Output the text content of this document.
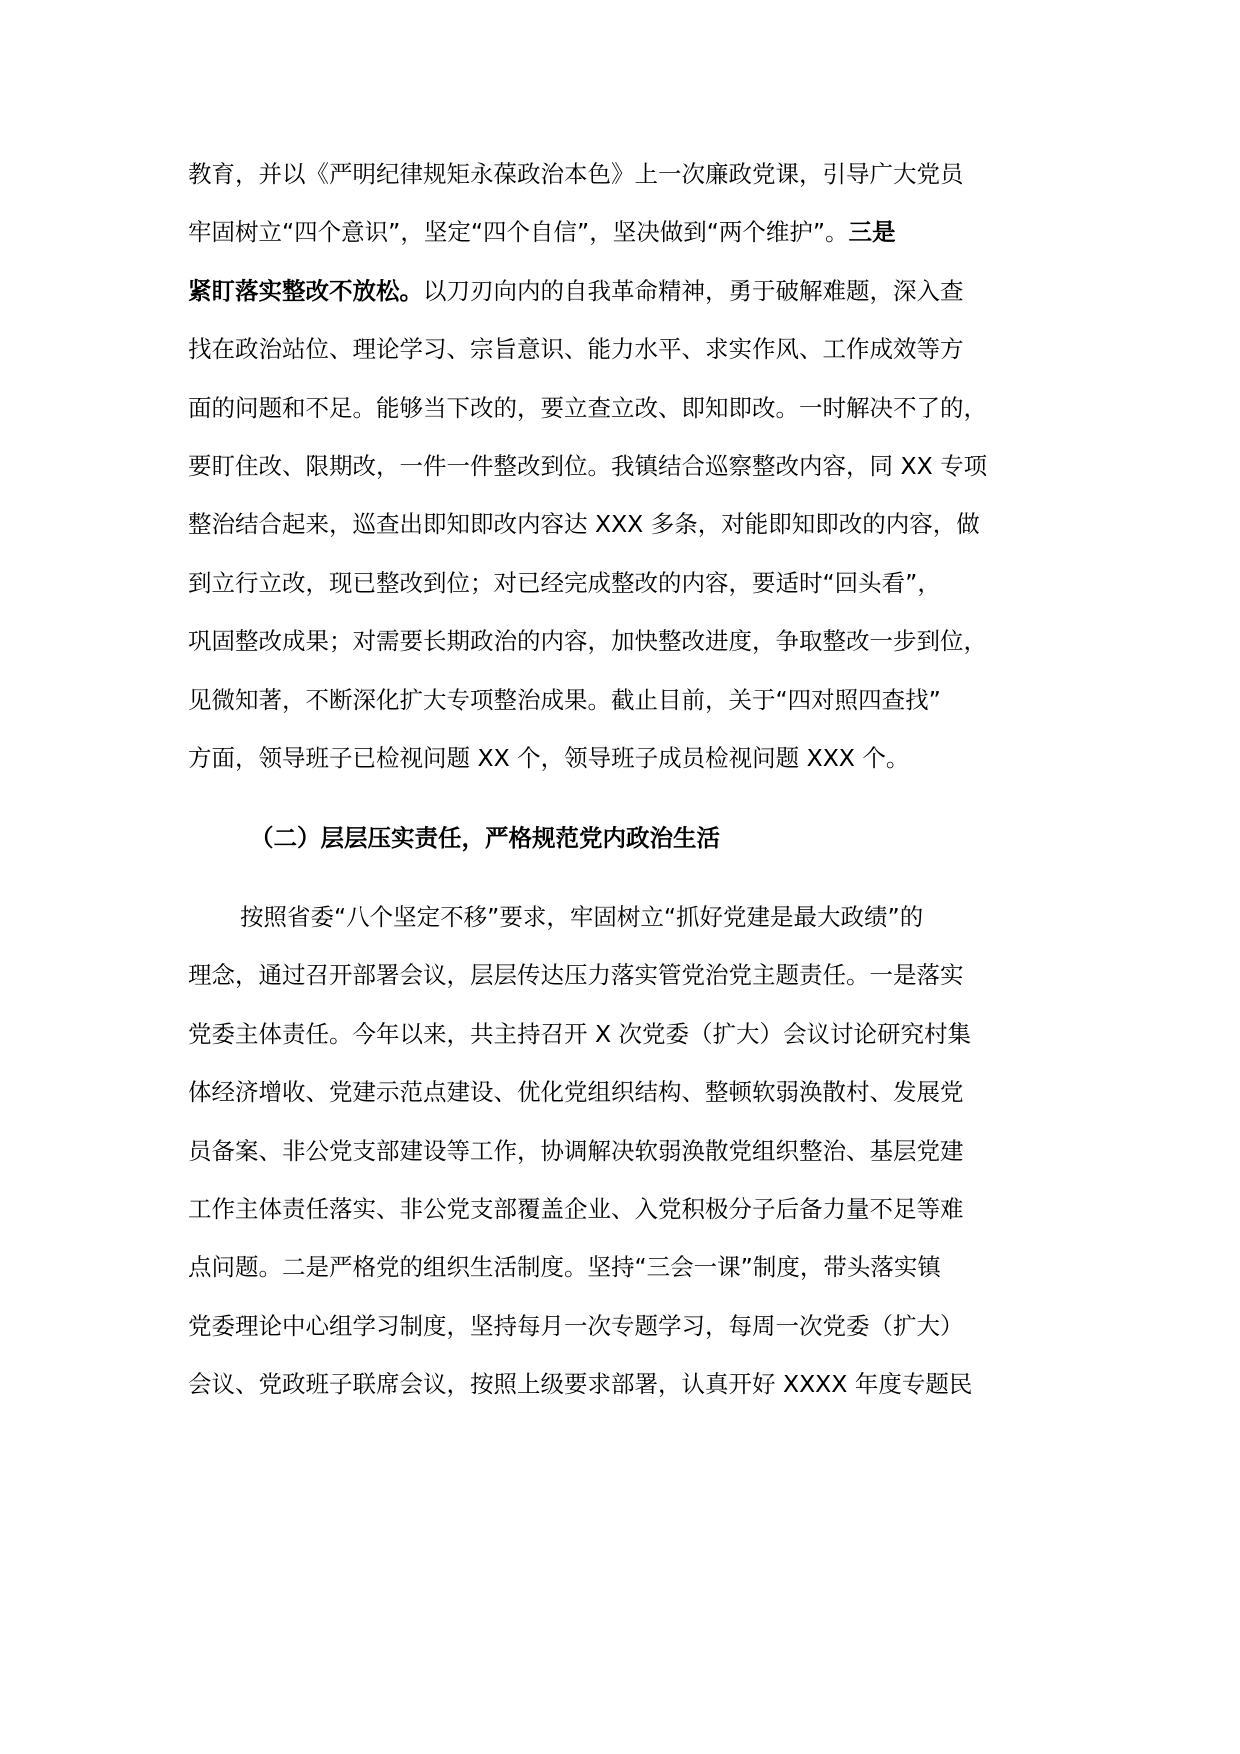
教育，并以《严明纪律规矩永葆政治本色》上一次廉政党课，引导广大党员
牢固树立“四个意识”，坚定“四个自信”，坚决做到“两个维护”。三是
紧盯落实整改不放松。以刀刃向内的自我革命精神，勇于破解难题，深入查
找在政治站位、理论学习、宗旨意识、能力水平、求实作风、工作成效等方
面的问题和不足。能够当下改的，要立查立改、即知即改。一时解决不了的，
要盯住改、限期改，一件一件整改到位。我镇结合巡察整改内容，同 XX 专项
整治结合起来，巡查出即知即改内容达 XXX 多条，对能即知即改的内容，做
到立行立改，现已整改到位；对已经完成整改的内容，要适时“回头看”，
巩固整改成果；对需要长期政治的内容，加快整改进度，争取整改一步到位，
见微知著，不断深化扩大专项整治成果。截止目前，关于“四对照四查找”
方面，领导班子已检视问题 XX 个，领导班子成员检视问题 XXX 个。
（二）层层压实责任，严格规范党内政治生活
按照省委“八个坚定不移”要求，牢固树立“抓好党建是最大政绩”的
理念，通过召开部署会议，层层传达压力落实管党治党主题责任。一是落实
党委主体责任。今年以来，共主持召开 X 次党委（扩大）会议讨论研究村集
体经济增收、党建示范点建设、优化党组织结构、整顿软弱涣散村、发展党
员备案、非公党支部建设等工作，协调解决软弱涣散党组织整治、基层党建
工作主体责任落实、非公党支部覆盖企业、入党积极分子后备力量不足等难
点问题。二是严格党的组织生活制度。坚持“三会一课”制度，带头落实镇
党委理论中心组学习制度，坚持每月一次专题学习，每周一次党委（扩大）
会议、党政班子联席会议，按照上级要求部署，认真开好 XXXX 年度专题民
